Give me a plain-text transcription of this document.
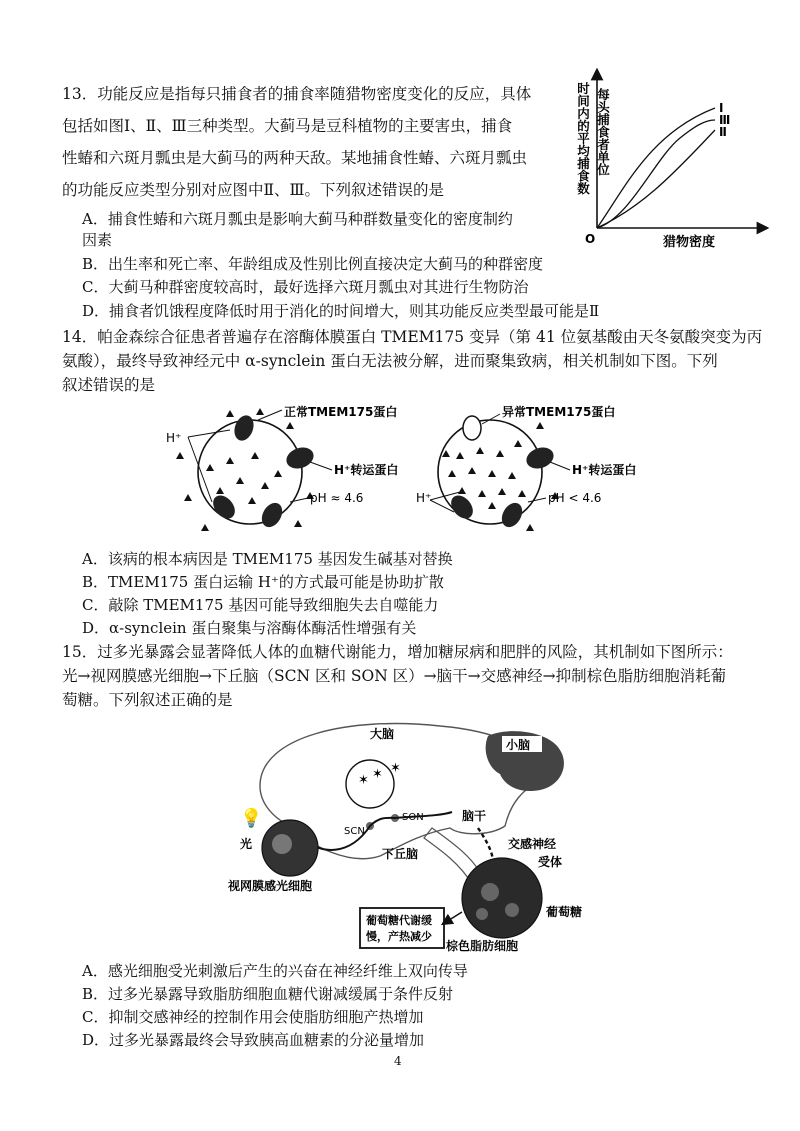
13．功能反应是指每只捕食者的捕食率随猎物密度变化的反应，具体
包括如图Ⅰ、Ⅱ、Ⅲ三种类型。大蓟马是豆科植物的主要害虫，捕食
性蝽和六斑月瓢虫是大蓟马的两种天敌。某地捕食性蝽、六斑月瓢虫
的功能反应类型分别对应图中Ⅱ、Ⅲ。下列叙述错误的是
A．捕食性蝽和六斑月瓢虫是影响大蓟马种群数量变化的密度制约
因素
B．出生率和死亡率、年龄组成及性别比例直接决定大蓟马的种群密度
C．大蓟马种群密度较高时，最好选择六斑月瓢虫对其进行生物防治
D．捕食者饥饿程度降低时用于消化的时间增大，则其功能反应类型最可能是Ⅱ
每头捕食者单位
时间内的平均捕食数
O	猎物密度
Ⅰ
Ⅲ
Ⅱ
14．帕金森综合征患者普遍存在溶酶体膜蛋白 TMEM175 变异（第 41 位氨基酸由天冬氨酸突变为丙
氨酸），最终导致神经元中 α-synclein 蛋白无法被分解，进而聚集致病，相关机制如下图。下列
叙述错误的是
H⁺
正常TMEM175蛋白
H⁺转运蛋白
pH ≈ 4.6	H⁺
异常TMEM175蛋白
H⁺转运蛋白
pH < 4.6
A．该病的根本病因是 TMEM175 基因发生碱基对替换
B．TMEM175 蛋白运输 H⁺的方式最可能是协助扩散
C．敲除 TMEM175 基因可能导致细胞失去自噬能力
D．α-synclein 蛋白聚集与溶酶体酶活性增强有关
15．过多光暴露会显著降低人体的血糖代谢能力，增加糖尿病和肥胖的风险，其机制如下图所示：
光→视网膜感光细胞→下丘脑（SCN 区和 SON 区）→脑干→交感神经→抑制棕色脂肪细胞消耗葡
萄糖。下列叙述正确的是
小脑
大脑
✶ ✶ ✶
SON
SCN
脑干
💡
光
视网膜感光细胞
下丘脑
交感神经
受体
葡萄糖
棕色脂肪细胞
葡萄糖代谢缓
慢，产热减少
A．感光细胞受光刺激后产生的兴奋在神经纤维上双向传导
B．过多光暴露导致脂肪细胞血糖代谢减缓属于条件反射
C．抑制交感神经的控制作用会使脂肪细胞产热增加
D．过多光暴露最终会导致胰高血糖素的分泌量增加
4
